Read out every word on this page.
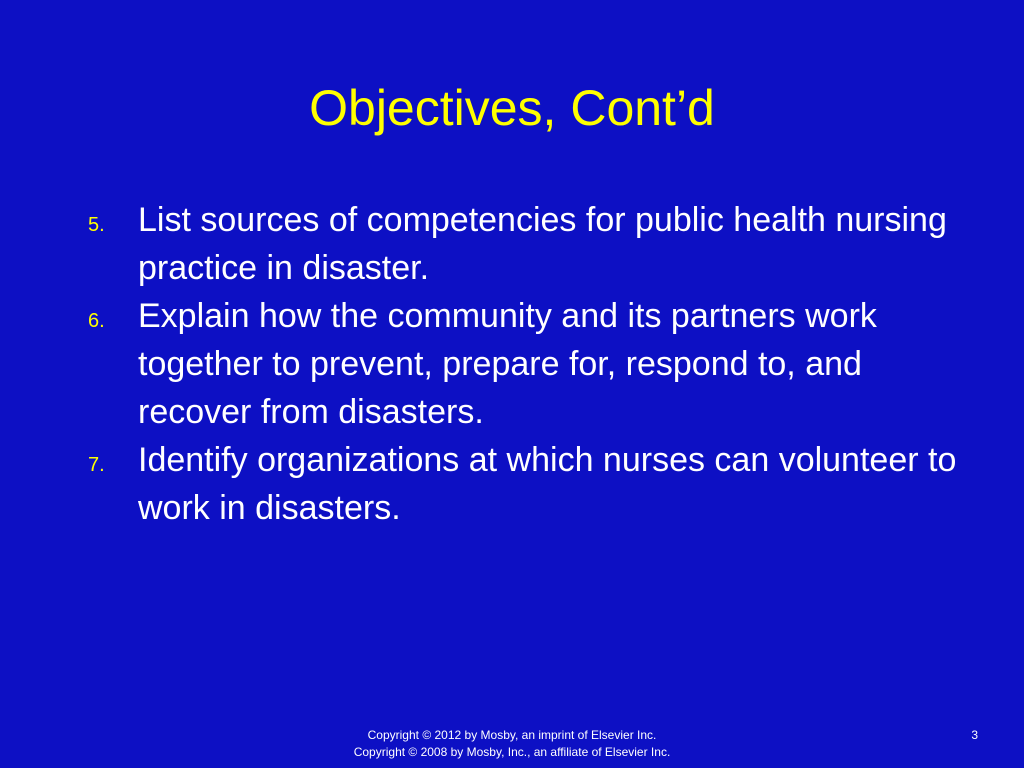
Objectives, Cont’d
5. List sources of competencies for public health nursing practice in disaster.
6. Explain how the community and its partners work together to prevent, prepare for, respond to, and recover from disasters.
7. Identify organizations at which nurses can volunteer to work in disasters.
Copyright © 2012 by Mosby, an imprint of Elsevier Inc.
Copyright © 2008 by Mosby, Inc., an affiliate of Elsevier Inc.
3
